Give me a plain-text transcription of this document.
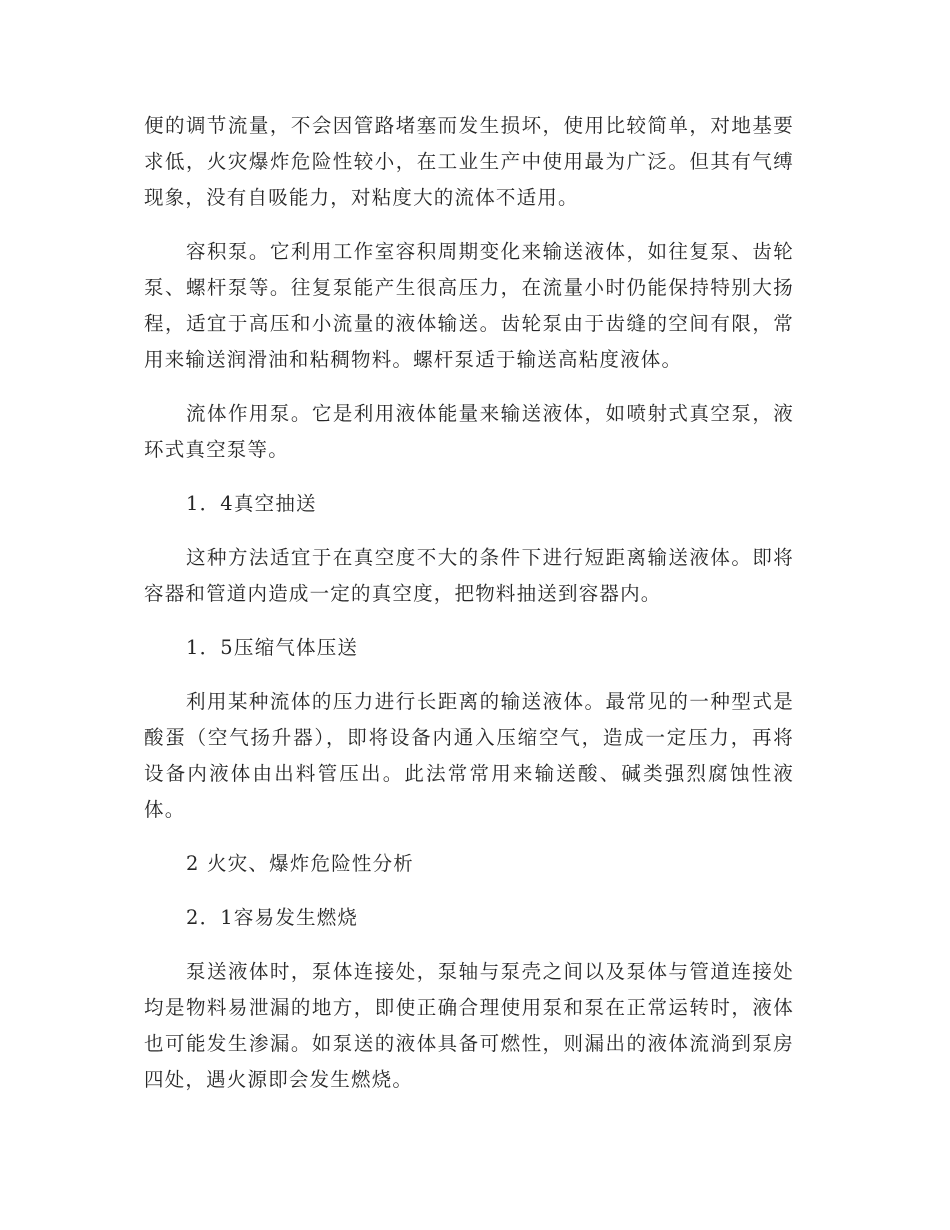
便的调节流量，不会因管路堵塞而发生损坏，使用比较简单，对地基要求低，火灾爆炸危险性较小，在工业生产中使用最为广泛。但其有气缚现象，没有自吸能力，对粘度大的流体不适用。

容积泵。它利用工作室容积周期变化来输送液体，如往复泵、齿轮泵、螺杆泵等。往复泵能产生很高压力，在流量小时仍能保持特别大扬程，适宜于高压和小流量的液体输送。齿轮泵由于齿缝的空间有限，常用来输送润滑油和粘稠物料。螺杆泵适于输送高粘度液体。

流体作用泵。它是利用液体能量来输送液体，如喷射式真空泵，液环式真空泵等。

1．4真空抽送

这种方法适宜于在真空度不大的条件下进行短距离输送液体。即将容器和管道内造成一定的真空度，把物料抽送到容器内。

1．5压缩气体压送

利用某种流体的压力进行长距离的输送液体。最常见的一种型式是酸蛋（空气扬升器），即将设备内通入压缩空气，造成一定压力，再将设备内液体由出料管压出。此法常常用来输送酸、碱类强烈腐蚀性液体。

2 火灾、爆炸危险性分析

2．1容易发生燃烧

泵送液体时，泵体连接处，泵轴与泵壳之间以及泵体与管道连接处均是物料易泄漏的地方，即使正确合理使用泵和泵在正常运转时，液体也可能发生渗漏。如泵送的液体具备可燃性，则漏出的液体流淌到泵房四处，遇火源即会发生燃烧。
